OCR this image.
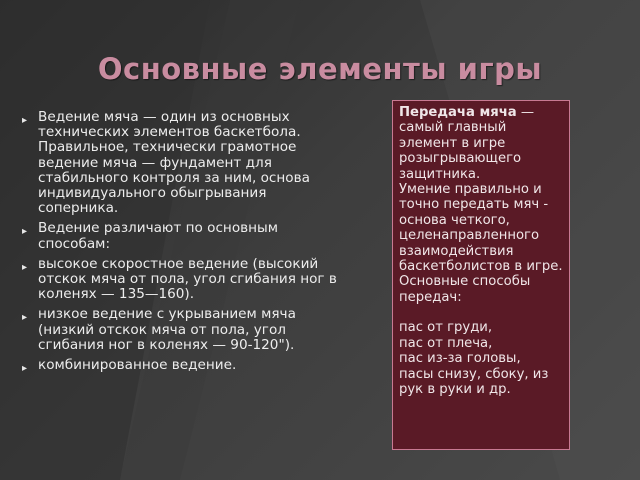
Основные элементы игры
▸ Ведение мяча — один из основных технических элементов баскетбола. Правильное, технически грамотное ведение мяча — фундамент для стабильного контроля за ним, основа индивидуального обыгрывания соперника.
▸ Ведение различают по основным способам:
▸ высокое скоростное ведение (высокий отскок мяча от пола, угол сгибания ног в коленях — 135—160).
▸ низкое ведение с укрыванием мяча (низкий отскок мяча от пола, угол сгибания ног в коленях — 90-120").
▸ комбинированное ведение.

Передача мяча — самый главный элемент в игре розыгрывающего защитника.

Умение правильно и точно передать мяч - основа четкого, целенаправленного взаимодействия баскетболистов в игре.

Основные способы передач:

пас от груди,
пас от плеча,
пас из-за головы,
пасы снизу, сбоку, из рук в руки и др.
